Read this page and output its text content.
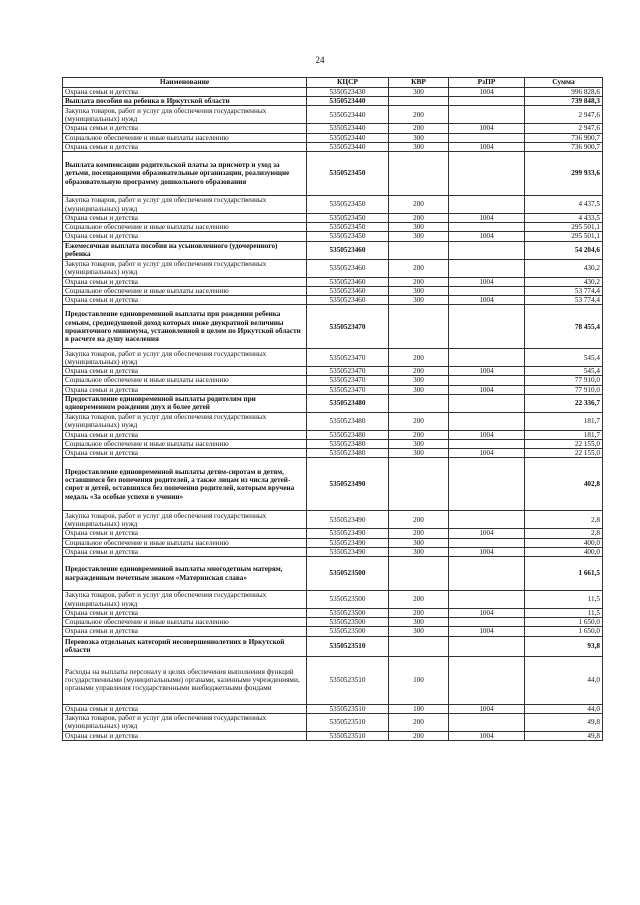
24
Наименование	КЦСР	КВР	РзПР	Сумма
Охрана семьи и детства	5350523430	300	1004	996 828,6
Выплата пособия на ребенка в Иркутской области	5350523440			739 848,3
Закупка товаров, работ и услуг для обеспечения государственных (муниципальных) нужд	5350523440	200		2 947,6
Охрана семьи и детства	5350523440	200	1004	2 947,6
Социальное обеспечение и иные выплаты населению	5350523440	300		736 900,7
Охрана семьи и детства	5350523440	300	1004	736 900,7
Выплата компенсации родительской платы за присмотр и уход за детьми, посещающими образовательные организации, реализующие образовательную программу дошкольного образования	5350523450			299 933,6
Закупка товаров, работ и услуг для обеспечения государственных (муниципальных) нужд	5350523450	200		4 437,5
Охрана семьи и детства	5350523450	200	1004	4 433,5
Социальное обеспечение и иные выплаты населению	5350523450	300		295 501,1
Охрана семьи и детства	5350523450	300	1004	295 501,1
Ежемесячная выплата пособия на усыновленного (удочеренного) ребенка	5350523460			54 204,6
Закупка товаров, работ и услуг для обеспечения государственных (муниципальных) нужд	5350523460	200		430,2
Охрана семьи и детства	5350523460	200	1004	430,2
Социальное обеспечение и иные выплаты населению	5350523460	300		53 774,4
Охрана семьи и детства	5350523460	300	1004	53 774,4
Предоставление единовременной выплаты при рождении ребенка семьям, среднедушевой доход которых ниже двукратной величины прожиточного минимума, установленной в целом по Иркутской области в расчете на душу населения	5350523470			78 455,4
Закупка товаров, работ и услуг для обеспечения государственных (муниципальных) нужд	5350523470	200		545,4
Охрана семьи и детства	5350523470	200	1004	545,4
Социальное обеспечение и иные выплаты населению	5350523470	300		77 910,0
Охрана семьи и детства	5350523470	300	1004	77 910,0
Предоставление единовременной выплаты родителям при одновременном рождении двух и более детей	5350523480			22 336,7
Закупка товаров, работ и услуг для обеспечения государственных (муниципальных) нужд	5350523480	200		181,7
Охрана семьи и детства	5350523480	200	1004	181,7
Социальное обеспечение и иные выплаты населению	5350523480	300		22 155,0
Охрана семьи и детства	5350523480	300	1004	22 155,0
Предоставление единовременной выплаты детям-сиротам и детям, оставшимся без попечения родителей, а также лицам из числа детей-сирот и детей, оставшихся без попечения родителей, которым вручена медаль «За особые успехи в учении»	5350523490			402,8
Закупка товаров, работ и услуг для обеспечения государственных (муниципальных) нужд	5350523490	200		2,8
Охрана семьи и детства	5350523490	200	1004	2,8
Социальное обеспечение и иные выплаты населению	5350523490	300		400,0
Охрана семьи и детства	5350523490	300	1004	400,0
Предоставление единовременной выплаты многодетным матерям, награжденным почетным знаком «Материнская слава»	5350523500			1 661,5
Закупка товаров, работ и услуг для обеспечения государственных (муниципальных) нужд	5350523500	200		11,5
Охрана семьи и детства	5350523500	200	1004	11,5
Социальное обеспечение и иные выплаты населению	5350523500	300		1 650,0
Охрана семьи и детства	5350523500	300	1004	1 650,0
Перевозка отдельных категорий несовершеннолетних в Иркутской области	5350523510			93,8
Расходы на выплаты персоналу в целях обеспечения выполнения функций государственными (муниципальными) органами, казенными учреждениями, органами управления государственными внебюджетными фондами	5350523510	100		44,0
Охрана семьи и детства	5350523510	100	1004	44,0
Закупка товаров, работ и услуг для обеспечения государственных (муниципальных) нужд	5350523510	200		49,8
Охрана семьи и детства	5350523510	200	1004	49,8
